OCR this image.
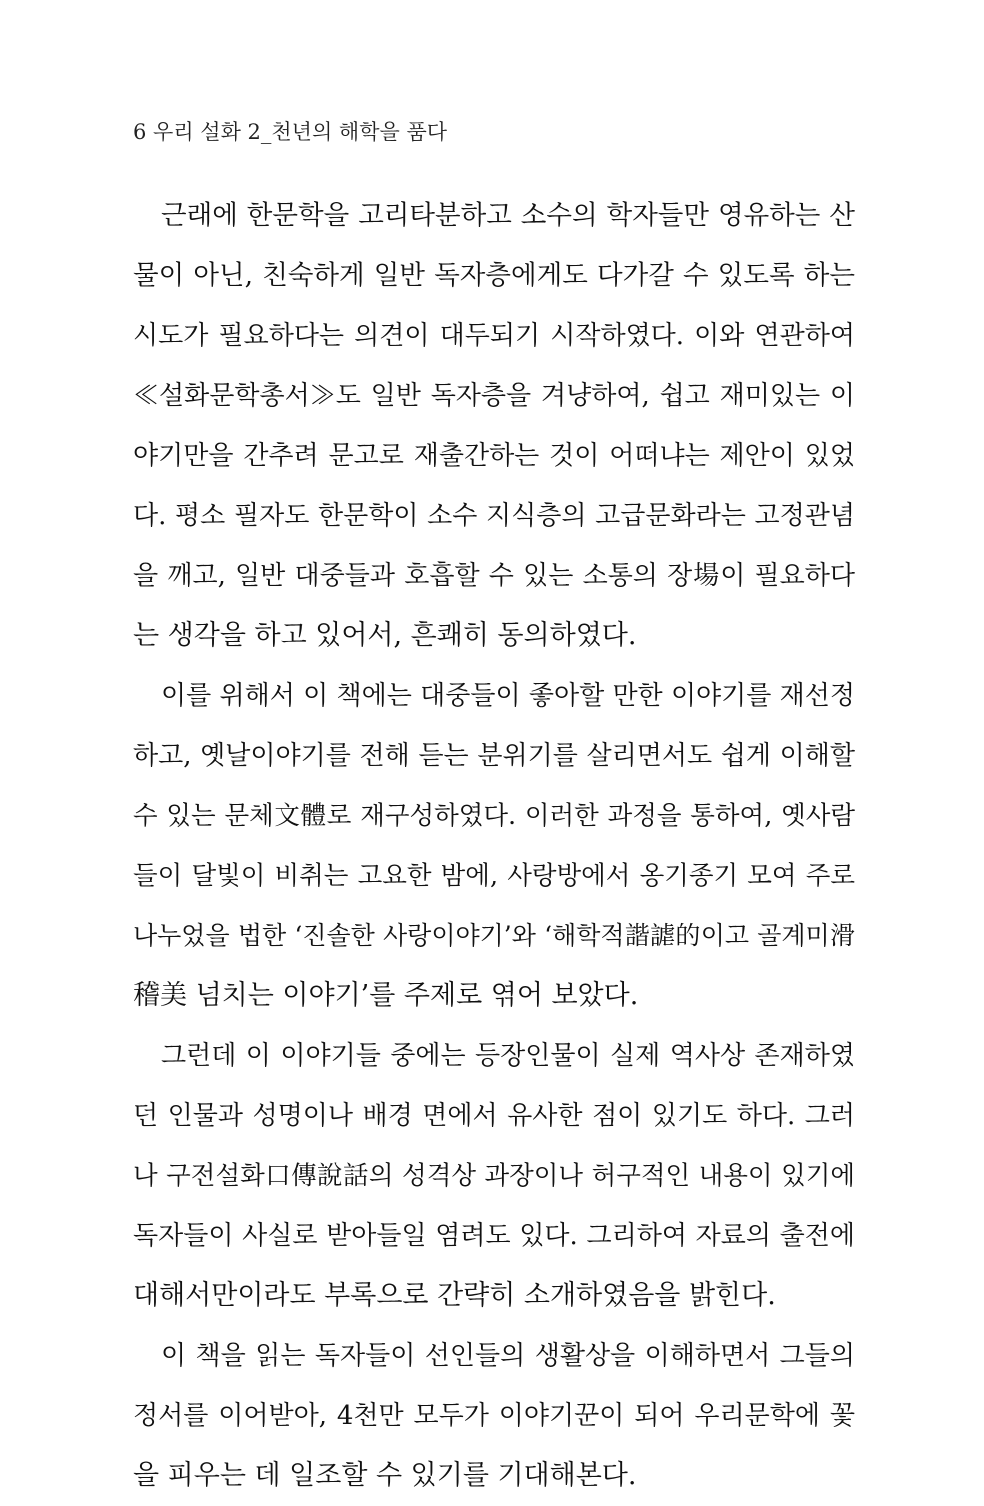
6 우리 설화 2_천년의 해학을 품다
근래에 한문학을 고리타분하고 소수의 학자들만 영유하는 산
물이 아닌, 친숙하게 일반 독자층에게도 다가갈 수 있도록 하는
시도가 필요하다는 의견이 대두되기 시작하였다. 이와 연관하여
≪설화문학총서≫도 일반 독자층을 겨냥하여, 쉽고 재미있는 이
야기만을 간추려 문고로 재출간하는 것이 어떠냐는 제안이 있었
다. 평소 필자도 한문학이 소수 지식층의 고급문화라는 고정관념
을 깨고, 일반 대중들과 호흡할 수 있는 소통의 장場이 필요하다
는 생각을 하고 있어서, 흔쾌히 동의하였다.
이를 위해서 이 책에는 대중들이 좋아할 만한 이야기를 재선정
하고, 옛날이야기를 전해 듣는 분위기를 살리면서도 쉽게 이해할
수 있는 문체文體로 재구성하였다. 이러한 과정을 통하여, 옛사람
들이 달빛이 비취는 고요한 밤에, 사랑방에서 옹기종기 모여 주로
나누었을 법한 ‘진솔한 사랑이야기’와 ‘해학적諧謔的이고 골계미滑
稽美 넘치는 이야기’를 주제로 엮어 보았다.
그런데 이 이야기들 중에는 등장인물이 실제 역사상 존재하였
던 인물과 성명이나 배경 면에서 유사한 점이 있기도 하다. 그러
나 구전설화口傳說話의 성격상 과장이나 허구적인 내용이 있기에
독자들이 사실로 받아들일 염려도 있다. 그리하여 자료의 출전에
대해서만이라도 부록으로 간략히 소개하였음을 밝힌다.
이 책을 읽는 독자들이 선인들의 생활상을 이해하면서 그들의
정서를 이어받아, 4천만 모두가 이야기꾼이 되어 우리문학에 꽃
을 피우는 데 일조할 수 있기를 기대해본다.
